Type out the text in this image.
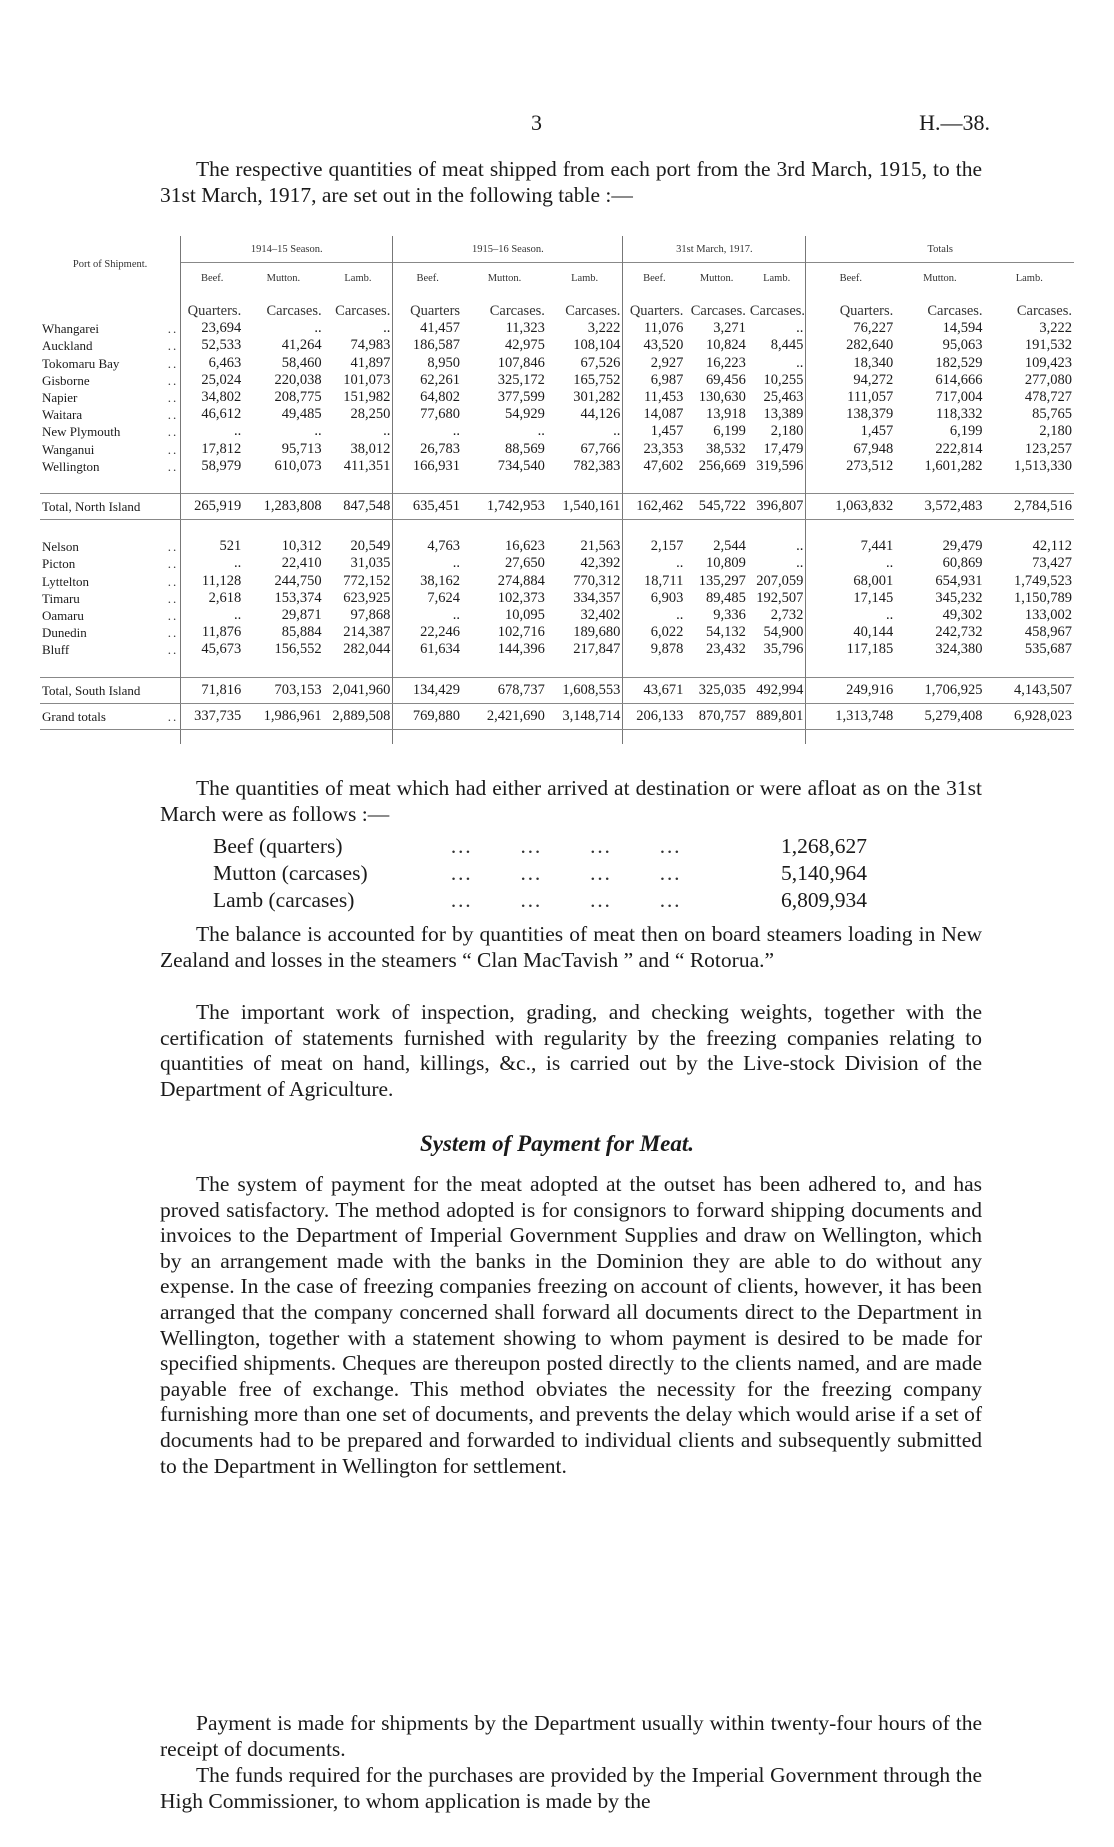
3	H.—38.

The respective quantities of meat shipped from each port from the 3rd March, 1915, to the 31st March, 1917, are set out in the following table :—

Port of Shipment.	1914–15 Season.			1915–16 Season.			31st March, 1917.			Totals		
	Beef.	Mutton.	Lamb.	Beef.	Mutton.	Lamb.	Beef.	Mutton.	Lamb.	Beef.	Mutton.	Lamb.
	Quarters.	Carcases.	Carcases.	Quarters	Carcases.	Carcases.	Quarters.	Carcases.	Carcases.	Quarters.	Carcases.	Carcases.
Whangarei ..	23,694	..	..	41,457	11,323	3,222	11,076	3,271	..	76,227	14,594	3,222
Auckland ..	52,533	41,264	74,983	186,587	42,975	108,104	43,520	10,824	8,445	282,640	95,063	191,532
Tokomaru Bay ..	6,463	58,460	41,897	8,950	107,846	67,526	2,927	16,223	..	18,340	182,529	109,423
Gisborne ..	25,024	220,038	101,073	62,261	325,172	165,752	6,987	69,456	10,255	94,272	614,666	277,080
Napier ..	34,802	208,775	151,982	64,802	377,599	301,282	11,453	130,630	25,463	111,057	717,004	478,727
Waitara ..	46,612	49,485	28,250	77,680	54,929	44,126	14,087	13,918	13,389	138,379	118,332	85,765
New Plymouth ..	..	..	..	..	..	..	1,457	6,199	2,180	1,457	6,199	2,180
Wanganui ..	17,812	95,713	38,012	26,783	88,569	67,766	23,353	38,532	17,479	67,948	222,814	123,257
Wellington ..	58,979	610,073	411,351	166,931	734,540	782,383	47,602	256,669	319,596	273,512	1,601,282	1,513,330

Total, North Island	265,919	1,283,808	847,548	635,451	1,742,953	1,540,161	162,462	545,722	396,807	1,063,832	3,572,483	2,784,516

Nelson ..	521	10,312	20,549	4,763	16,623	21,563	2,157	2,544	..	7,441	29,479	42,112
Picton ..	..	22,410	31,035	..	27,650	42,392	..	10,809	..	..	60,869	73,427
Lyttelton ..	11,128	244,750	772,152	38,162	274,884	770,312	18,711	135,297	207,059	68,001	654,931	1,749,523
Timaru ..	2,618	153,374	623,925	7,624	102,373	334,357	6,903	89,485	192,507	17,145	345,232	1,150,789
Oamaru ..	..	29,871	97,868	..	10,095	32,402	..	9,336	2,732	..	49,302	133,002
Dunedin ..	11,876	85,884	214,387	22,246	102,716	189,680	6,022	54,132	54,900	40,144	242,732	458,967
Bluff ..	45,673	156,552	282,044	61,634	144,396	217,847	9,878	23,432	35,796	117,185	324,380	535,687

Total, South Island	71,816	703,153	2,041,960	134,429	678,737	1,608,553	43,671	325,035	492,994	249,916	1,706,925	4,143,507
Grand totals ..	337,735	1,986,961	2,889,508	769,880	2,421,690	3,148,714	206,133	870,757	889,801	1,313,748	5,279,408	6,928,023

The quantities of meat which had either arrived at destination or were afloat as on the 31st March were as follows :—

Beef (quarters)	…   …   …   …	1,268,627
Mutton (carcases)	…   …   …   …	5,140,964
Lamb (carcases)	…   …   …   …	6,809,934

The balance is accounted for by quantities of meat then on board steamers loading in New Zealand and losses in the steamers “ Clan MacTavish ” and “ Rotorua.”

The important work of inspection, grading, and checking weights, together with the certification of statements furnished with regularity by the freezing companies relating to quantities of meat on hand, killings, &c., is carried out by the Live-stock Division of the Department of Agriculture.

System of Payment for Meat.

The system of payment for the meat adopted at the outset has been adhered to, and has proved satisfactory. The method adopted is for consignors to forward shipping documents and invoices to the Department of Imperial Government Supplies and draw on Wellington, which by an arrangement made with the banks in the Dominion they are able to do without any expense. In the case of freezing companies freezing on account of clients, however, it has been arranged that the company concerned shall forward all documents direct to the Department in Wellington, together with a statement showing to whom payment is desired to be made for specified shipments. Cheques are thereupon posted directly to the clients named, and are made payable free of exchange. This method obviates the necessity for the freezing company furnishing more than one set of documents, and prevents the delay which would arise if a set of documents had to be prepared and forwarded to individual clients and subsequently submitted to the Department in Wellington for settlement.

Payment is made for shipments by the Department usually within twenty-four hours of the receipt of documents.

The funds required for the purchases are provided by the Imperial Government through the High Commissioner, to whom application is made by the
